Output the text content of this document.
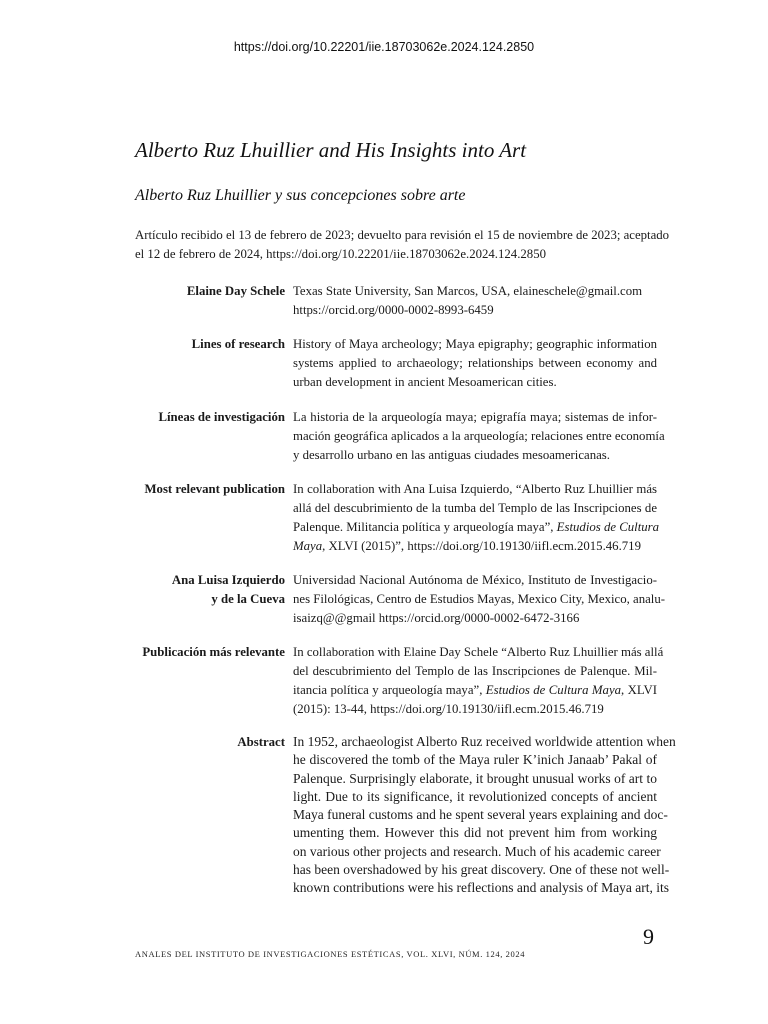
https://doi.org/10.22201/iie.18703062e.2024.124.2850
Alberto Ruz Lhuillier and His Insights into Art
Alberto Ruz Lhuillier y sus concepciones sobre arte
Artículo recibido el 13 de febrero de 2023; devuelto para revisión el 15 de noviembre de 2023; aceptado
el 12 de febrero de 2024, https://doi.org/10.22201/iie.18703062e.2024.124.2850
Elaine Day Schele Texas State University, San Marcos, USA, elaineschele@gmail.com
https://orcid.org/0000-0002-8993-6459
Lines of research History of Maya archeology; Maya epigraphy; geographic information
systems applied to archaeology; relationships between economy and
urban development in ancient Mesoamerican cities.
Líneas de investigación La historia de la arqueología maya; epigrafía maya; sistemas de infor-
mación geográfica aplicados a la arqueología; relaciones entre economía
y desarrollo urbano en las antiguas ciudades mesoamericanas.
Most relevant publication In collaboration with Ana Luisa Izquierdo, “Alberto Ruz Lhuillier más
allá del descubrimiento de la tumba del Templo de las Inscripciones de
Palenque. Militancia política y arqueología maya”, Estudios de Cultura
Maya, XLVI (2015)”, https://doi.org/10.19130/iifl.ecm.2015.46.719
Ana Luisa Izquierdo
y de la Cueva
Universidad Nacional Autónoma de México, Instituto de Investigacio-
nes Filológicas, Centro de Estudios Mayas, Mexico City, Mexico, analu-
isaizq@@gmail https://orcid.org/0000-0002-6472-3166
Publicación más relevante In collaboration with Elaine Day Schele “Alberto Ruz Lhuillier más allá
del descubrimiento del Templo de las Inscripciones de Palenque. Mil-
itancia política y arqueología maya”, Estudios de Cultura Maya, XLVI
(2015): 13-44, https://doi.org/10.19130/iifl.ecm.2015.46.719
Abstract In 1952, archaeologist Alberto Ruz received worldwide attention when
he discovered the tomb of the Maya ruler K’inich Janaab’ Pakal of
Palenque. Surprisingly elaborate, it brought unusual works of art to
light. Due to its significance, it revolutionized concepts of ancient
Maya funeral customs and he spent several years explaining and doc-
umenting them. However this did not prevent him from working
on various other projects and research. Much of his academic career
has been overshadowed by his great discovery. One of these not well-
known contributions were his reflections and analysis of Maya art, its
ANALES DEL INSTITUTO DE INVESTIGACIONES ESTÉTICAS, VOL. XLVI, NÚM. 124, 2024
9
